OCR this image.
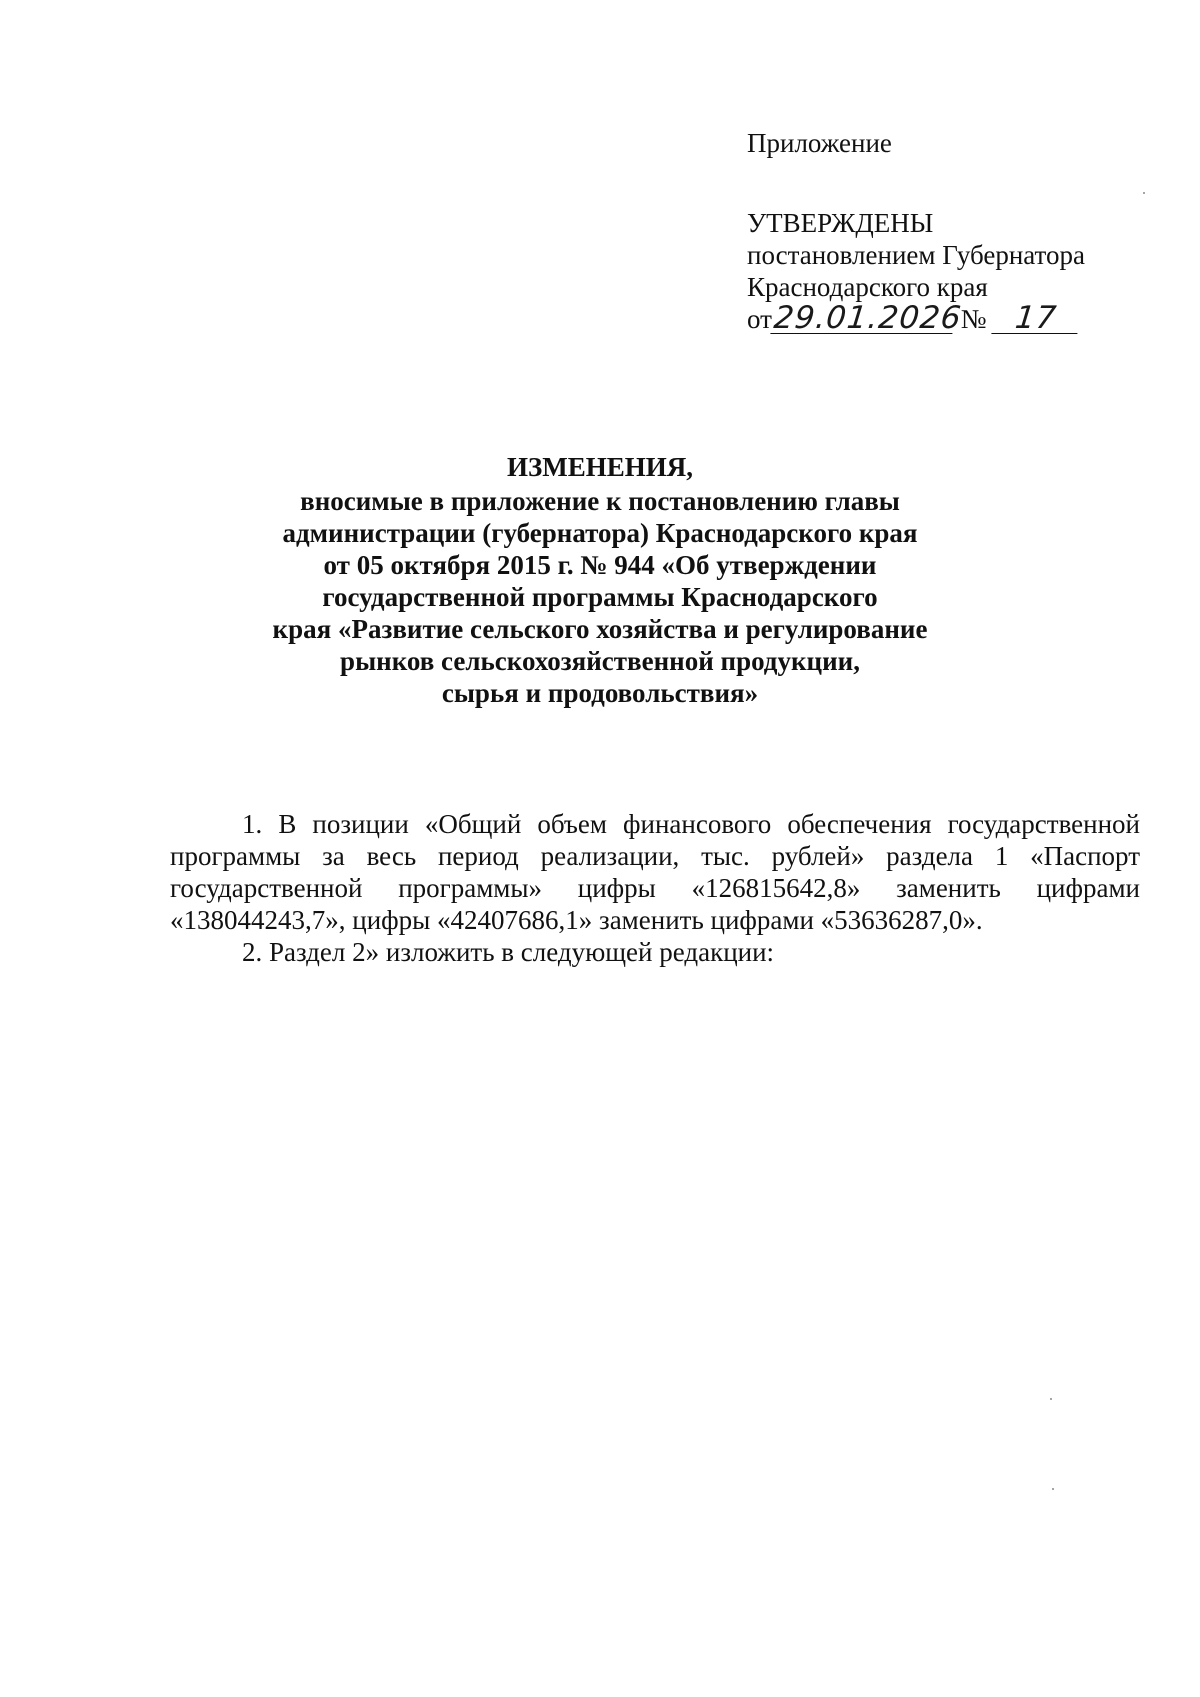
Приложение
УТВЕРЖДЕНЫ
постановлением Губернатора
Краснодарского края
от29.01.2026 № 17
ИЗМЕНЕНИЯ,
вносимые в приложение к постановлению главы
администрации (губернатора) Краснодарского края
от 05 октября 2015 г. № 944 «Об утверждении
государственной программы Краснодарского
края «Развитие сельского хозяйства и регулирование
рынков сельскохозяйственной продукции,
сырья и продовольствия»

1. В позиции «Общий объем финансового обеспечения государственной программы за весь период реализации, тыс. рублей» раздела 1 «Паспорт государственной программы» цифры «126815642,8» заменить цифрами «138044243,7», цифры «42407686,1» заменить цифрами «53636287,0».

2. Раздел 2» изложить в следующей редакции:
